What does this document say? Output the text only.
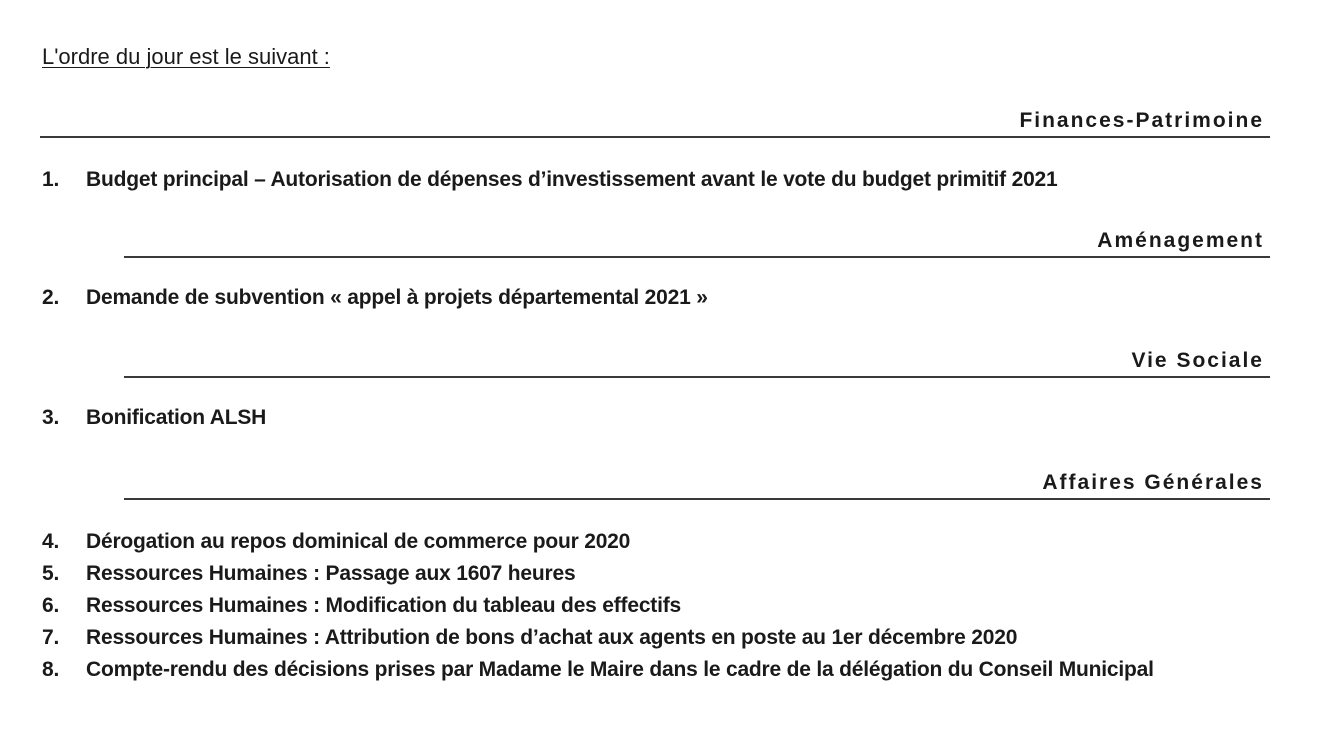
L'ordre du jour est le suivant :
Finances-Patrimoine
1. Budget principal – Autorisation de dépenses d’investissement avant le vote du budget primitif 2021
Aménagement
2. Demande de subvention « appel à projets départemental 2021 »
Vie Sociale
3. Bonification ALSH
Affaires Générales
4. Dérogation au repos dominical de commerce pour 2020
5. Ressources Humaines : Passage aux 1607 heures
6. Ressources Humaines : Modification du tableau des effectifs
7. Ressources Humaines : Attribution de bons d’achat aux agents en poste au 1er décembre 2020
8. Compte-rendu des décisions prises par Madame le Maire dans le cadre de la délégation du Conseil Municipal
